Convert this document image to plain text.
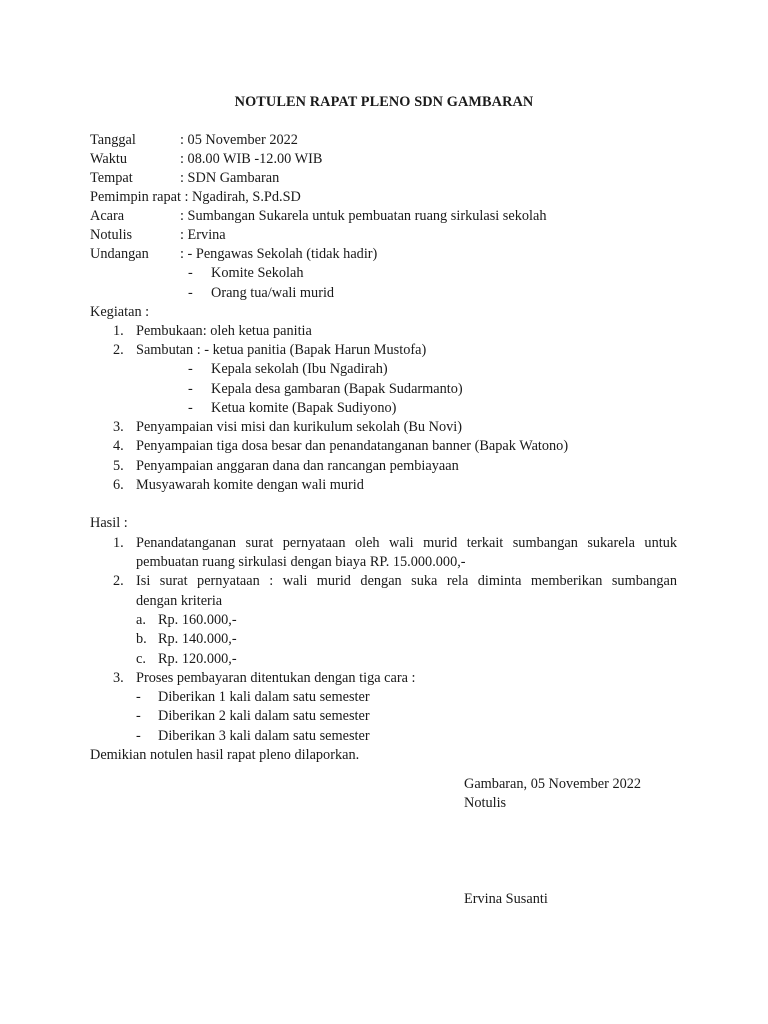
NOTULEN RAPAT PLENO SDN GAMBARAN
Tanggal	: 05 November 2022
Waktu	: 08.00 WIB -12.00 WIB
Tempat	: SDN Gambaran
Pemimpin rapat : Ngadirah, S.Pd.SD
Acara	: Sumbangan Sukarela untuk pembuatan ruang sirkulasi sekolah
Notulis	: Ervina
Undangan : - Pengawas Sekolah (tidak hadir)
- Komite Sekolah
- Orang tua/wali murid
Kegiatan :
1. Pembukaan: oleh ketua panitia
2. Sambutan : - ketua panitia (Bapak Harun Mustofa)
- Kepala sekolah (Ibu Ngadirah)
- Kepala desa gambaran (Bapak Sudarmanto)
- Ketua komite (Bapak Sudiyono)
3. Penyampaian visi misi dan kurikulum sekolah (Bu Novi)
4. Penyampaian tiga dosa besar dan penandatanganan banner (Bapak Watono)
5. Penyampaian anggaran dana dan rancangan pembiayaan
6. Musyawarah komite dengan wali murid
Hasil :
1. Penandatanganan surat pernyataan oleh wali murid terkait sumbangan sukarela untuk
pembuatan ruang sirkulasi dengan biaya RP. 15.000.000,-
2. Isi surat pernyataan : wali murid dengan suka rela diminta memberikan sumbangan
dengan kriteria
a. Rp. 160.000,-
b. Rp. 140.000,-
c. Rp. 120.000,-
3. Proses pembayaran ditentukan dengan tiga cara :
- Diberikan 1 kali dalam satu semester
- Diberikan 2 kali dalam satu semester
- Diberikan 3 kali dalam satu semester
Demikian notulen hasil rapat pleno dilaporkan.
Gambaran, 05 November 2022
Notulis
Ervina Susanti
